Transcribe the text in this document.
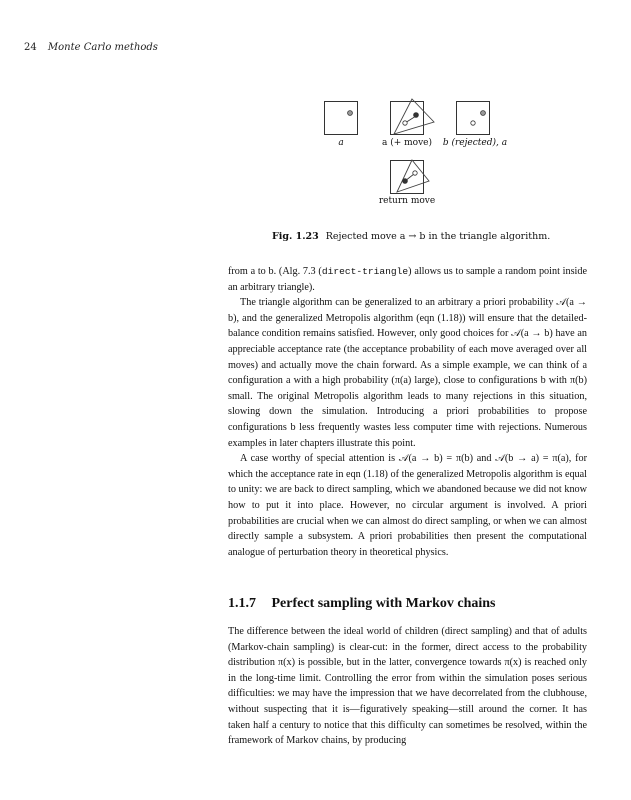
24 Monte Carlo methods
a	a (+ move)	b (rejected), a
return move
Fig. 1.23 Rejected move a → b in the triangle algorithm.

from a to b. (Alg. 7.3 (direct-triangle) allows us to sample a random point inside an arbitrary triangle).

The triangle algorithm can be generalized to an arbitrary a priori probability 𝒜(a → b), and the generalized Metropolis algorithm (eqn (1.18)) will ensure that the detailed-balance condition remains satisfied. However, only good choices for 𝒜(a → b) have an appreciable acceptance rate (the acceptance probability of each move averaged over all moves) and actually move the chain forward. As a simple example, we can think of a configuration a with a high probability (π(a) large), close to configurations b with π(b) small. The original Metropolis algorithm leads to many rejections in this situation, slowing down the simulation. Introducing a priori probabilities to propose configurations b less frequently wastes less computer time with rejections. Numerous examples in later chapters illustrate this point.

A case worthy of special attention is 𝒜(a → b) = π(b) and 𝒜(b → a) = π(a), for which the acceptance rate in eqn (1.18) of the generalized Metropolis algorithm is equal to unity: we are back to direct sampling, which we abandoned because we did not know how to put it into place. However, no circular argument is involved. A priori probabilities are crucial when we can almost do direct sampling, or when we can almost directly sample a subsystem. A priori probabilities then present the computational analogue of perturbation theory in theoretical physics.

1.1.7 Perfect sampling with Markov chains

The difference between the ideal world of children (direct sampling) and that of adults (Markov-chain sampling) is clear-cut: in the former, direct access to the probability distribution π(x) is possible, but in the latter, convergence towards π(x) is reached only in the long-time limit. Controlling the error from within the simulation poses serious difficulties: we may have the impression that we have decorrelated from the clubhouse, without suspecting that it is—figuratively speaking—still around the corner. It has taken half a century to notice that this difficulty can sometimes be resolved, within the framework of Markov chains, by producing
